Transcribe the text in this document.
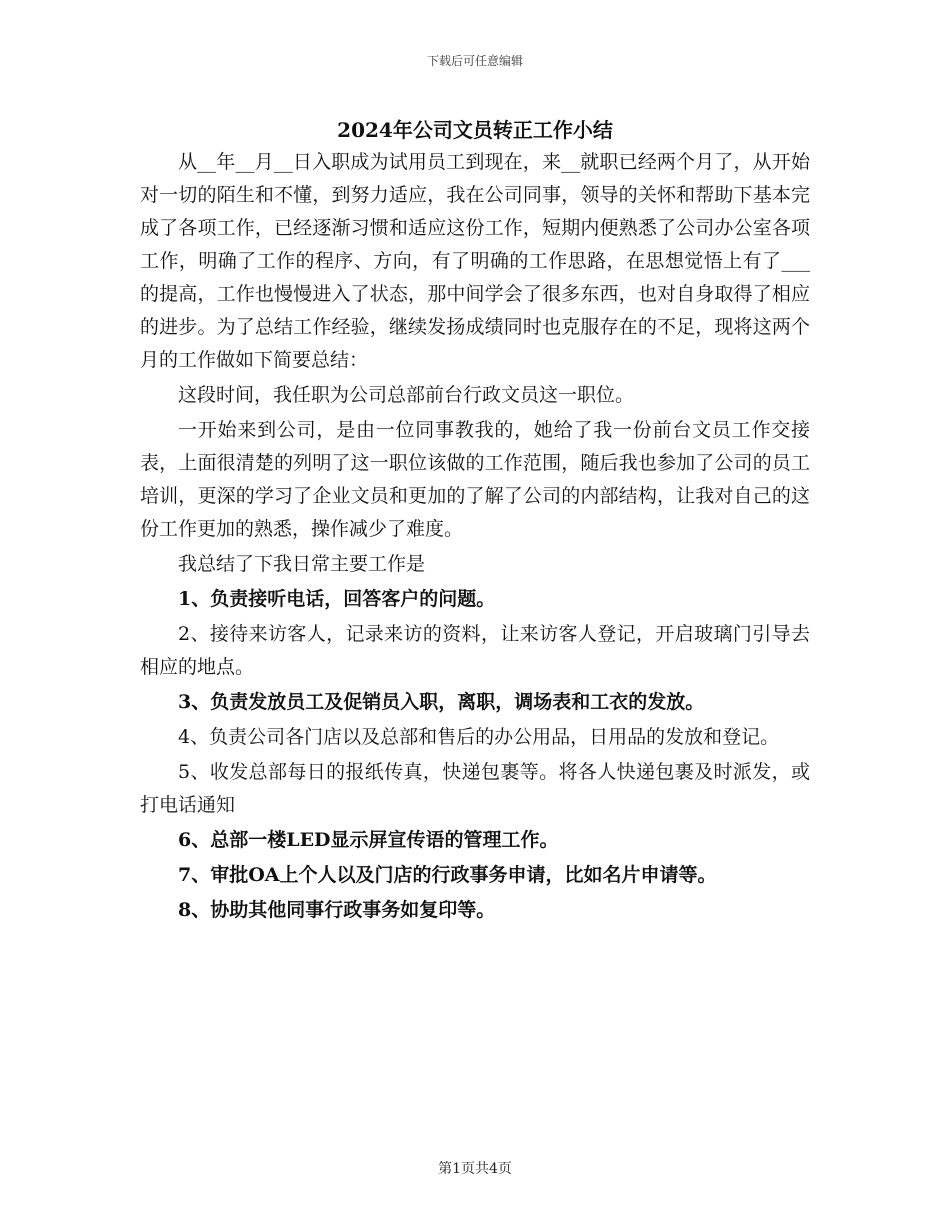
下载后可任意编辑
2024年公司文员转正工作小结

从__年__月__日入职成为试用员工到现在，来__就职已经两个月了，从开始对一切的陌生和不懂，到努力适应，我在公司同事，领导的关怀和帮助下基本完成了各项工作，已经逐渐习惯和适应这份工作，短期内便熟悉了公司办公室各项工作，明确了工作的程序、方向，有了明确的工作思路，在思想觉悟上有了___的提高，工作也慢慢进入了状态，那中间学会了很多东西，也对自身取得了相应的进步。为了总结工作经验，继续发扬成绩同时也克服存在的不足，现将这两个月的工作做如下简要总结：

这段时间，我任职为公司总部前台行政文员这一职位。

一开始来到公司，是由一位同事教我的，她给了我一份前台文员工作交接表，上面很清楚的列明了这一职位该做的工作范围，随后我也参加了公司的员工培训，更深的学习了企业文员和更加的了解了公司的内部结构，让我对自己的这份工作更加的熟悉，操作减少了难度。

我总结了下我日常主要工作是

1、负责接听电话，回答客户的问题。

2、接待来访客人，记录来访的资料，让来访客人登记，开启玻璃门引导去相应的地点。

3、负责发放员工及促销员入职，离职，调场表和工衣的发放。

4、负责公司各门店以及总部和售后的办公用品，日用品的发放和登记。

5、收发总部每日的报纸传真，快递包裹等。将各人快递包裹及时派发，或打电话通知

6、总部一楼LED显示屏宣传语的管理工作。

7、审批OA上个人以及门店的行政事务申请，比如名片申请等。

8、协助其他同事行政事务如复印等。

第1页共4页
